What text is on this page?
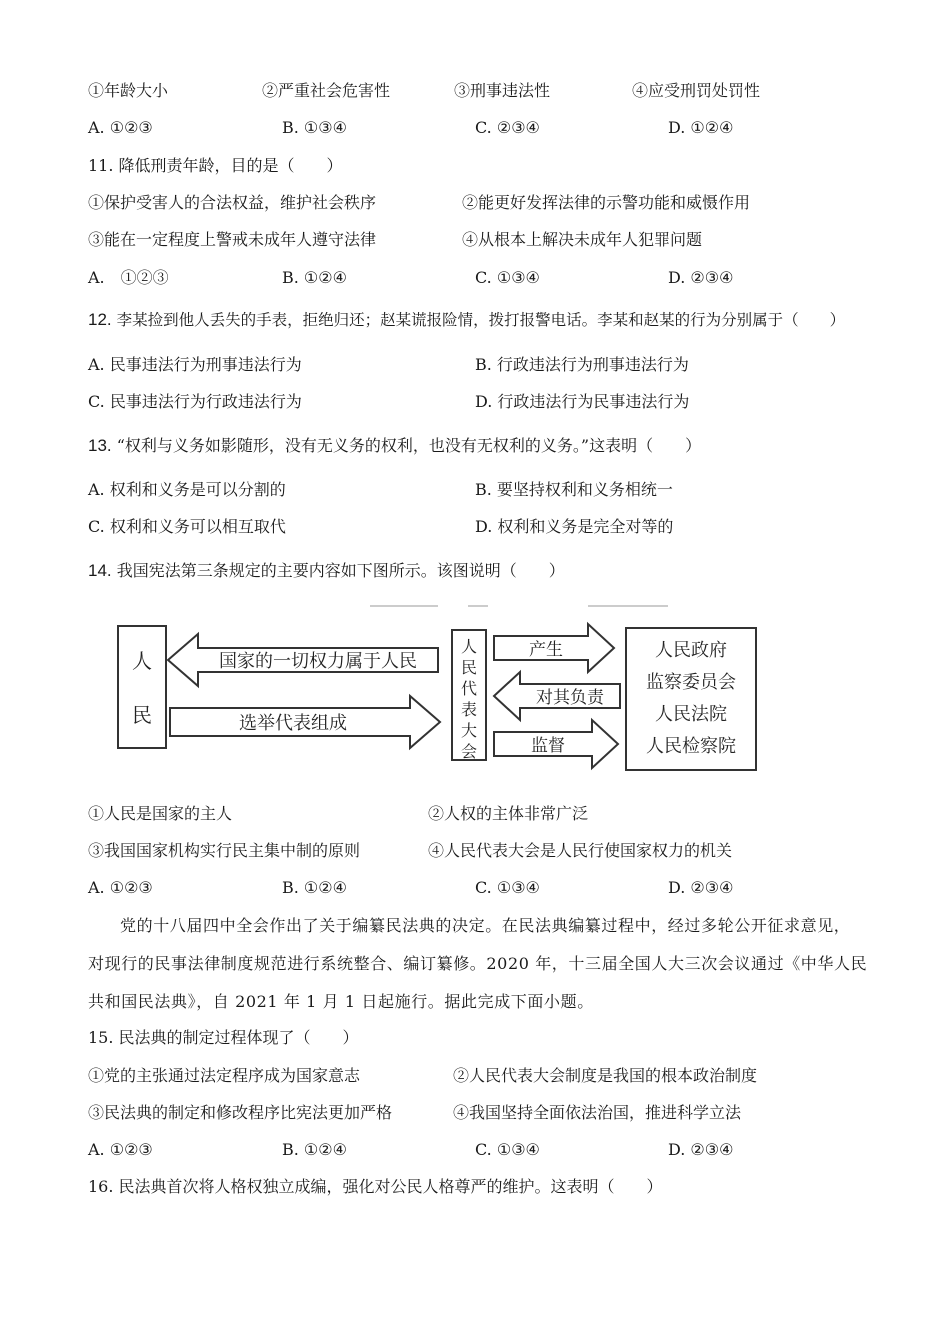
①年龄大小	②严重社会危害性	③刑事违法性	④应受刑罚处罚性
A. ①②③	B. ①③④	C. ②③④	D. ①②④
11. 降低刑责年龄，目的是（　　）
①保护受害人的合法权益，维护社会秩序	②能更好发挥法律的示警功能和威慑作用
③能在一定程度上警戒未成年人遵守法律	④从根本上解决未成年人犯罪问题
A.　①②③	B. ①②④	C. ①③④	D. ②③④
12. 李某捡到他人丢失的手表，拒绝归还；赵某谎报险情，拨打报警电话。李某和赵某的行为分别属于（　　）
A. 民事违法行为刑事违法行为	B. 行政违法行为刑事违法行为
C. 民事违法行为行政违法行为	D. 行政违法行为民事违法行为
13. “权利与义务如影随形，没有无义务的权利，也没有无权利的义务。”这表明（　　）
A. 权利和义务是可以分割的	B. 要坚持权利和义务相统一
C. 权利和义务可以相互取代	D. 权利和义务是完全对等的
14. 我国宪法第三条规定的主要内容如下图所示。该图说明（　　）
人
民
国家的一切权力属于人民
选举代表组成
人
民
代
表
大
会
产生
对其负责
监督
人民政府
监察委员会
人民法院
人民检察院
①人民是国家的主人	②人权的主体非常广泛
③我国国家机构实行民主集中制的原则	④人民代表大会是人民行使国家权力的机关
A. ①②③	B. ①②④	C. ①③④	D. ②③④

党的十八届四中全会作出了关于编纂民法典的决定。在民法典编纂过程中，经过多轮公开征求意见，

对现行的民事法律制度规范进行系统整合、编订纂修。2020 年，十三届全国人大三次会议通过《中华人民

共和国民法典》，自 2021 年 1 月 1 日起施行。据此完成下面小题。

15. 民法典的制定过程体现了（　　）
①党的主张通过法定程序成为国家意志	②人民代表大会制度是我国的根本政治制度
③民法典的制定和修改程序比宪法更加严格	④我国坚持全面依法治国，推进科学立法
A. ①②③	B. ①②④	C. ①③④	D. ②③④
16. 民法典首次将人格权独立成编，强化对公民人格尊严的维护。这表明（　　）
